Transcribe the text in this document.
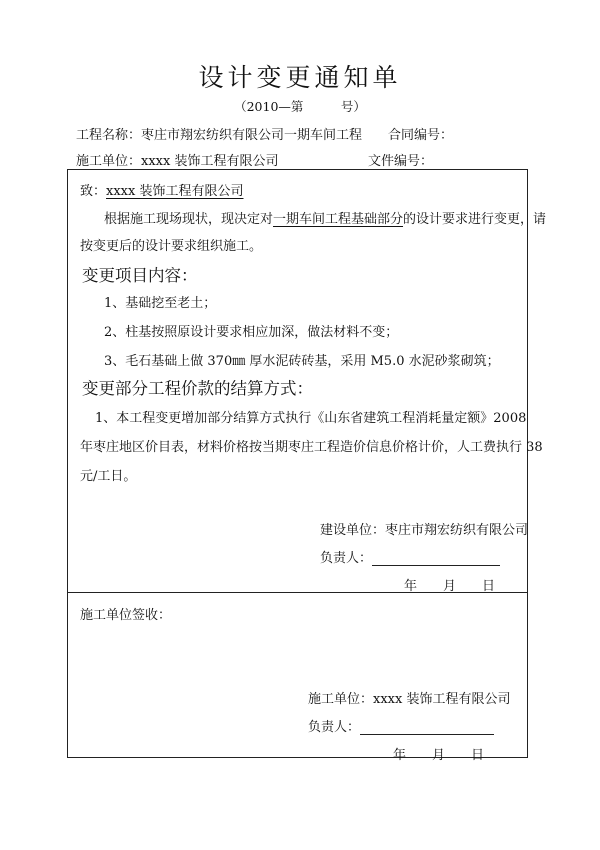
设计变更通知单
（2010—第　　　号）
工程名称：枣庄市翔宏纺织有限公司一期车间工程 合同编号：
施工单位：xxxx 装饰工程有限公司	文件编号：
致：xxxx 装饰工程有限公司
根据施工现场现状，现决定对一期车间工程基础部分的设计要求进行变更，请
按变更后的设计要求组织施工。
变更项目内容：
1、基础挖至老土；
2、柱基按照原设计要求相应加深，做法材料不变；
3、毛石基础上做 370㎜ 厚水泥砖砖基，采用 M5.0 水泥砂浆砌筑；
变更部分工程价款的结算方式：
1、本工程变更增加部分结算方式执行《山东省建筑工程消耗量定额》2008
年枣庄地区价目表，材料价格按当期枣庄工程造价信息价格计价，人工费执行 38
元/工日。
建设单位：枣庄市翔宏纺织有限公司
负责人：
年　　月　　日
施工单位签收：
施工单位：xxxx 装饰工程有限公司
负责人：
年　　月　　日
